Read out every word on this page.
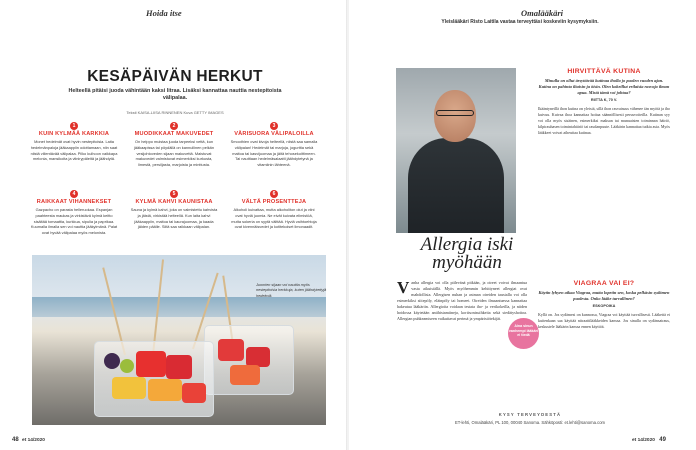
Hoida itse
KESÄPÄIVÄN HERKUT
Helteellä pitäisi juoda vähintään kaksi litraa. Lisäksi kannattaa nauttia nestepitoista välipalaa.
Teksti KAISA-LIISA RINNENEN Kuva GETTY IMAGES
1
KUIN KYLMÄÄ KARKKIA
Monet hedelmät ovat hyvin nestepitoisia. Laita hedelmänpaloja jääkaappiin odottamaan, niin saat niistä viilentävää välipalaa. Pilko kulhoon vaikkapa melonia, mansikoita ja viinirypäleitä ja jäähdytä.
2
MUODIKKAAT MAKUVEDET
On helppo muistaa juoda tarpeeksi vettä, kun jääkaapissa tai pöydällä on kannullinen pelkän vesijohtoveden sijaan makuvettä. Maistuvat makuvedet valmistuvat esimerkiksi kurkusta, limestä, persiljasta, marjoista ja minttusta.
3
VÄRISUORA VÄLIPALOILLA
Smoothien ovat kivoja helteellä, niistä saa samalla välipalan! Hedelmät tai marjoja, jogurttia sekä maitoa tai kasvijuomaa ja jäitä tehosekoittimeen. Tai nautitaan hedelmäsalaatti jäähdytetynä ja vitamiinin lähteenä.
4
RAIKKAAT VIHANNEKSET
Gazpacho on parasta helleruokaa. Espanjan paahteesta maukas ja virkistävä kylmä keitto sisältää tomaattia, kurkkua, sipulia ja paprikaa. Kuumalla ilmalla sen voi nauttia jääkylmänä. Palat ovat hyvää välipalaa myös melonista.
5
KYLMÄ KAHVI KAUNISTAA
Sauna ja kylmä kahvi, joka on valmistettu kahvista ja jäistä, virkistää helteellä. Kun laita kahvi jääkaappiin, maitoa tai kaurajuomaa, ja kaada jäiden päälle. Siitä saa raikkaan välipalan.
6
VÄLTÄ PROSENTTEJA
Alkoholi kuivattaa, mutta alkoholiton olut ja viini ovat hyviä juomia. Ne eivät kuivata elimistöä, mutta sokeria on syytä välttää. Hyviä vaihtoehtoja ovat kivennäisvedet ja kotitekoiset limonaadit.
Juomien sijaan voi nauttia myös nestepitoisia herkkuja, kuten jäähdytettyjä hedelmiä.
48 et 14/2020
Omalääkäri
Yleislääkäri Risto Laitila vastaa terveyttäsi koskeviin kysymyksiin.
Allergia iski myöhään
V anha allergia voi olla piilevänä pitkään, ja oireet voivat ilmaantua vasta aikuisiällä. Myös myöhemmin kehittyneet allergiat ovat mahdollisia. Allergisen nuhan ja astman oireiden taustalla voi olla esimerkiksi siitepöly, eläinpöly tai homeet. Oireiden ilmaantuessa kannattaa hakeutua lääkäriin. Allergioita voidaan testata iho- ja verikokeilla, ja niiden hoidossa käytetään antihistamiineja, kortisonisuihkeita sekä siedätyshoitoa. Allergian puhkeamiseen vaikuttavat perimä ja ympäristötekijät.
Aina sinun vanhempi lääkäri ei tiedä
HIRVITTÄVÄ KUTINA
Minulla on ollut ärsyttävää kutinaa iholla jo puolen vuoden ajan. Kutina on pahinta iltaisin ja öisin. Olen kokeillut erilaisia rasvoja ilman apua. Mistä tämä voi johtua?
RIITTA K, 70 V.
Ikääntyneillä ihon kutina on yleistä, sillä ihon rasvaisuus vähenee iän myötä ja iho kuivuu. Kuivaa ihoa kannattaa hoitaa säännöllisesti perusvoiteilla. Kutinan syy voi olla myös sisäinen, esimerkiksi maksan tai munuaisten toiminnan häiriö, kilpirauhasen toimintahäiriö tai raudanpuute. Lääkärin kannattaa tutkia asia. Myös lääkkeet voivat aiheuttaa kutinaa.
VIAGRAA VAI EI?
Käytin lyhyen aikaa Viagraa, mutta lopetin sen, koska pelkäsin sydämen puolesta. Onko lääke turvallinen?
ESKOPOIKA
Kyllä on. Jos sydämesi on kunnossa, Viagraa voi käyttää turvallisesti. Lääkettä ei kuitenkaan saa käyttää nitraattilääkkeiden kanssa. Jos sinulla on sydänsairaus, keskustele lääkärin kanssa ennen käyttöä.
KYSY TERVEYDESTÄ
ET-lehti, Omalääkäri, PL 100, 00040 Sanoma. Sähköposti: et.lehti@sanoma.com
et 14/2020 49
